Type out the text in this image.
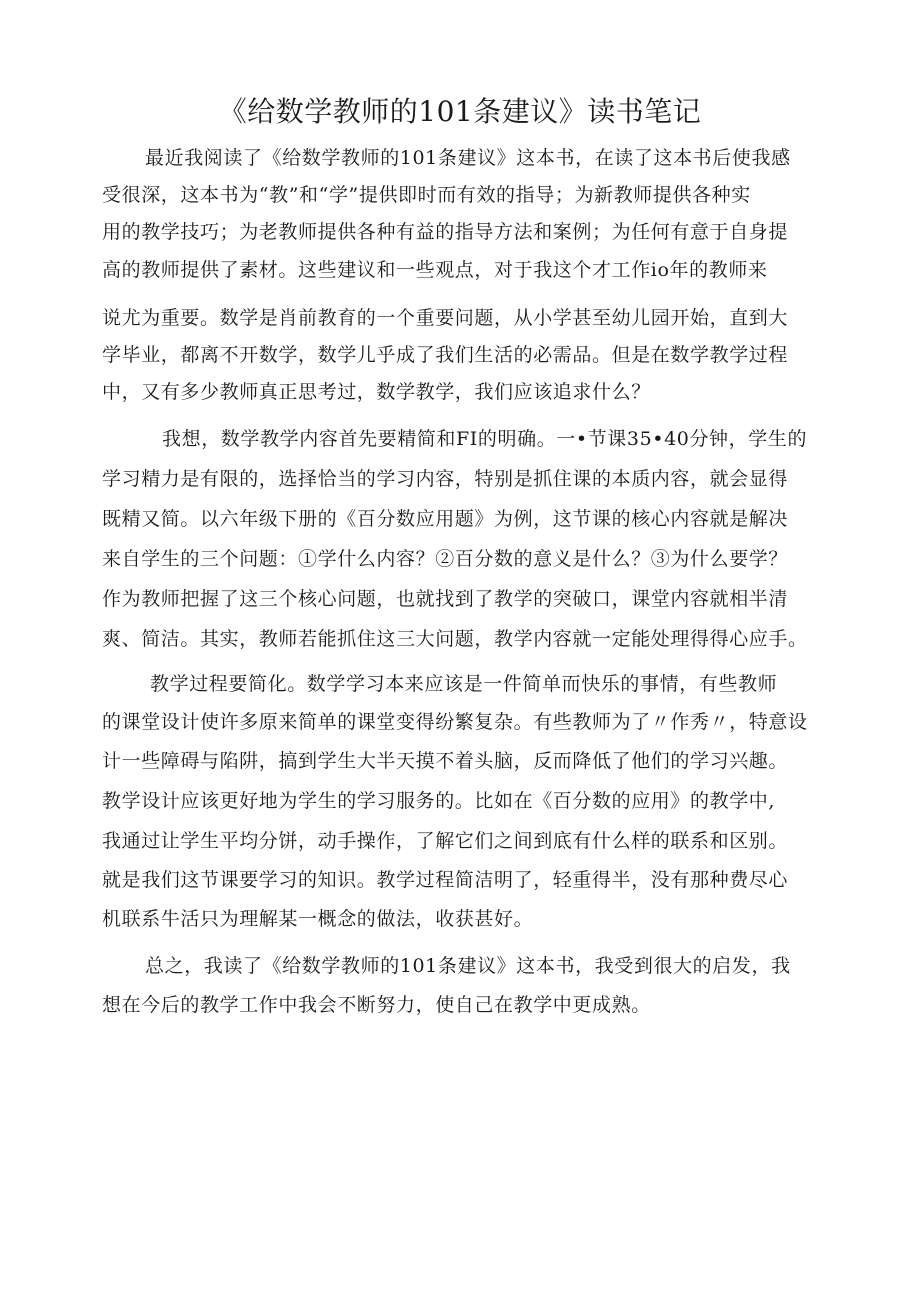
《给数学教师的101条建议》读书笔记
最近我阅读了《给数学教师的101条建议》这本书，在读了这本书后使我感
受很深，这本书为“教”和“学”提供即时而有效的指导；为新教师提供各种实
用的教学技巧；为老教师提供各种有益的指导方法和案例；为任何有意于自身提
高的教师提供了素材。这些建议和一些观点，对于我这个才工作io年的教师来
说尤为重要。数学是肖前教育的一个重要问题，从小学甚至幼儿园开始，直到大
学毕业，都离不开数学，数学儿乎成了我们生活的必需品。但是在数学教学过程
中，又有多少教师真正思考过，数学教学，我们应该追求什么？
我想，数学教学内容首先要精简和FI的明确。一•节课35•40分钟，学生的
学习精力是有限的，选择恰当的学习内容，特别是抓住课的本质内容，就会显得
既精又简。以六年级下册的《百分数应用题》为例，这节课的核心内容就是解决
来自学生的三个问题：①学什么内容？②百分数的意义是什么？③为什么要学？
作为教师把握了这三个核心问题，也就找到了教学的突破口，课堂内容就相半清
爽、简洁。其实，教师若能抓住这三大问题，教学内容就一定能处理得得心应手。
教学过程要简化。数学学习本来应该是一件简单而快乐的事情，有些教师
的课堂设计使许多原来简单的课堂变得纷繁复杂。有些教师为了〃作秀〃，特意设
计一些障碍与陷阱，搞到学生大半天摸不着头脑，反而降低了他们的学习兴趣。
教学设计应该更好地为学生的学习服务的。比如在《百分数的应用》的教学中,
我通过让学生平均分饼，动手操作，了解它们之间到底有什么样的联系和区别。
就是我们这节课要学习的知识。教学过程简洁明了，轻重得半，没有那种费尽心
机联系牛活只为理解某一概念的做法，收获甚好。
总之，我读了《给数学教师的101条建议》这本书，我受到很大的启发，我
想在今后的教学工作中我会不断努力，使自己在教学中更成熟。
